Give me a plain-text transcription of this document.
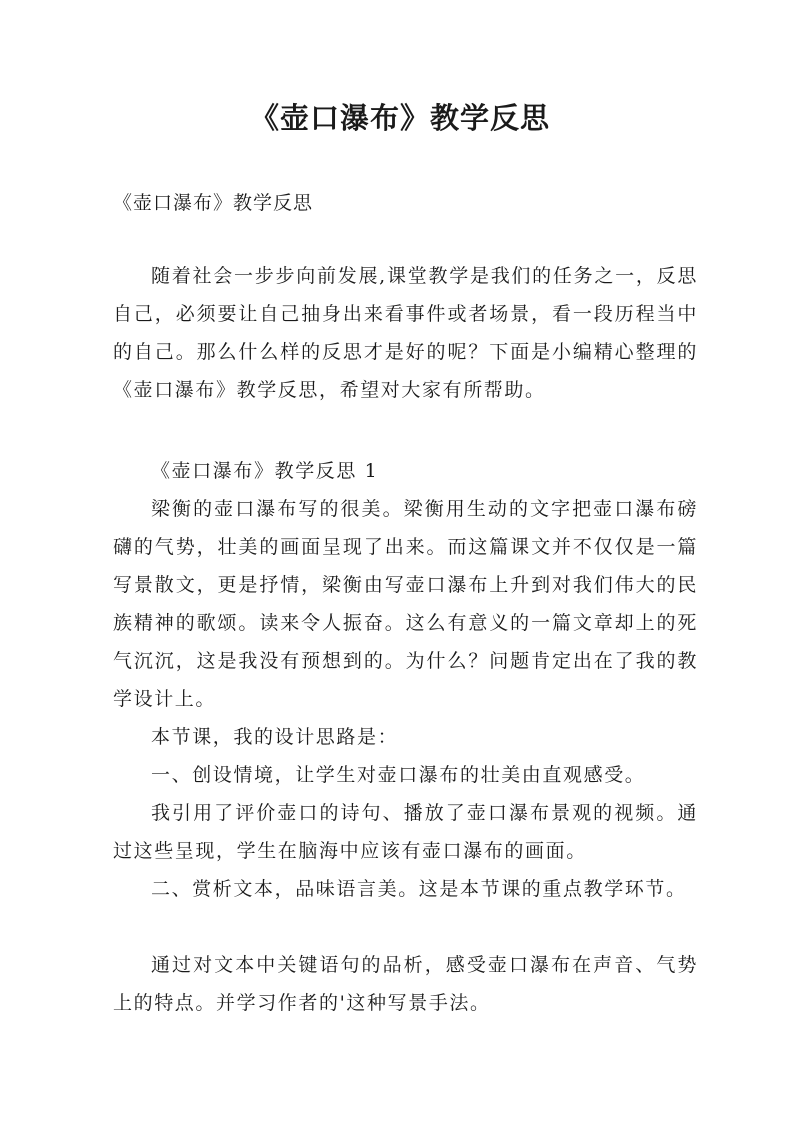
《壶口瀑布》教学反思

《壶口瀑布》教学反思

随着社会一步步向前发展,课堂教学是我们的任务之一，反思自己，必须要让自己抽身出来看事件或者场景，看一段历程当中的自己。那么什么样的反思才是好的呢？下面是小编精心整理的《壶口瀑布》教学反思，希望对大家有所帮助。

《壶口瀑布》教学反思 1

梁衡的壶口瀑布写的很美。梁衡用生动的文字把壶口瀑布磅礴的气势，壮美的画面呈现了出来。而这篇课文并不仅仅是一篇写景散文，更是抒情，梁衡由写壶口瀑布上升到对我们伟大的民族精神的歌颂。读来令人振奋。这么有意义的一篇文章却上的死气沉沉，这是我没有预想到的。为什么？问题肯定出在了我的教学设计上。

本节课，我的设计思路是：

一、创设情境，让学生对壶口瀑布的壮美由直观感受。

我引用了评价壶口的诗句、播放了壶口瀑布景观的视频。通过这些呈现，学生在脑海中应该有壶口瀑布的画面。

二、赏析文本，品味语言美。这是本节课的重点教学环节。

通过对文本中关键语句的品析，感受壶口瀑布在声音、气势上的特点。并学习作者的'这种写景手法。
